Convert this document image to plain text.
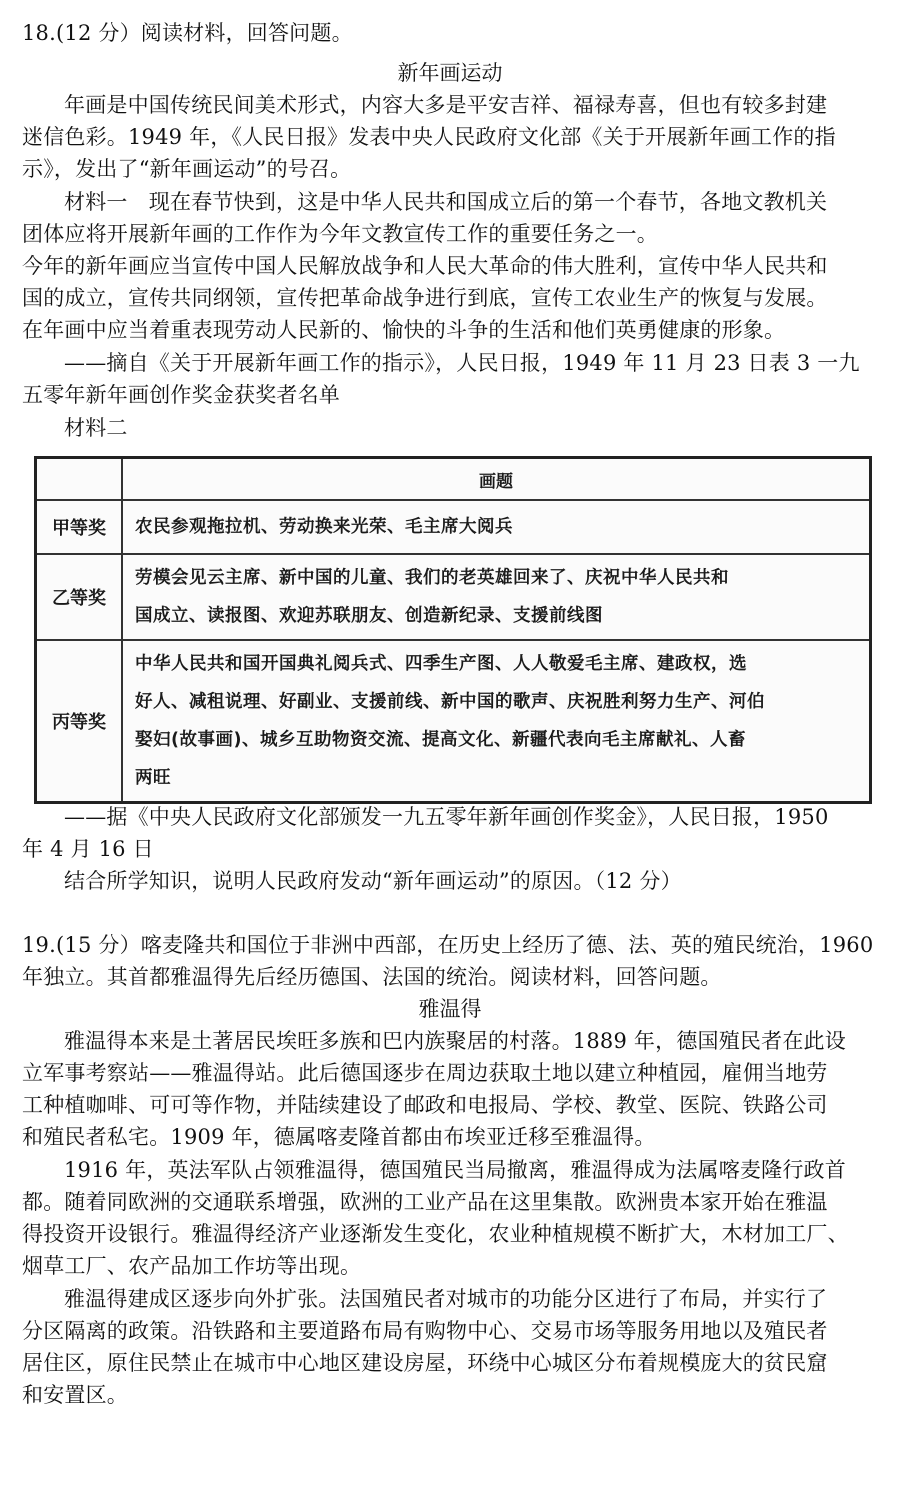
18.(12 分）阅读材料，回答问题。
新年画运动
年画是中国传统民间美术形式，内容大多是平安吉祥、福禄寿喜，但也有较多封建
迷信色彩。1949 年，《人民日报》发表中央人民政府文化部《关于开展新年画工作的指
示》，发出了“新年画运动”的号召。
材料一　现在春节快到，这是中华人民共和国成立后的第一个春节，各地文教机关
团体应将开展新年画的工作作为今年文教宣传工作的重要任务之一。
今年的新年画应当宣传中国人民解放战争和人民大革命的伟大胜利，宣传中华人民共和
国的成立，宣传共同纲领，宣传把革命战争进行到底，宣传工农业生产的恢复与发展。
在年画中应当着重表现劳动人民新的、愉快的斗争的生活和他们英勇健康的形象。
——摘自《关于开展新年画工作的指示》，人民日报，1949 年 11 月 23 日表 3 一九
五零年新年画创作奖金获奖者名单
材料二
	画题
甲等奖	农民参观拖拉机、劳动换来光荣、毛主席大阅兵

乙等奖	劳模会见云主席、新中国的儿童、我们的老英雄回来了、庆祝中华人民共和
国成立、读报图、欢迎苏联朋友、创造新纪录、支援前线图

丙等奖	中华人民共和国开国典礼阅兵式、四季生产图、人人敬爱毛主席、建政权，选
好人、减租说理、好副业、支援前线、新中国的歌声、庆祝胜利努力生产、河伯
娶妇(故事画)、城乡互助物资交流、提高文化、新疆代表向毛主席献礼、人畜
两旺
——据《中央人民政府文化部颁发一九五零年新年画创作奖金》，人民日报，1950
年 4 月 16 日
结合所学知识，说明人民政府发动“新年画运动”的原因。（12 分）
19.(15 分）喀麦隆共和国位于非洲中西部，在历史上经历了德、法、英的殖民统治，1960
年独立。其首都雅温得先后经历德国、法国的统治。阅读材料，回答问题。
雅温得
雅温得本来是土著居民埃旺多族和巴内族聚居的村落。1889 年，德国殖民者在此设
立军事考察站——雅温得站。此后德国逐步在周边获取土地以建立种植园，雇佣当地劳
工种植咖啡、可可等作物，并陆续建设了邮政和电报局、学校、教堂、医院、铁路公司
和殖民者私宅。1909 年，德属喀麦隆首都由布埃亚迁移至雅温得。
1916 年，英法军队占领雅温得，德国殖民当局撤离，雅温得成为法属喀麦隆行政首
都。随着同欧洲的交通联系增强，欧洲的工业产品在这里集散。欧洲贵本家开始在雅温
得投资开设银行。雅温得经济产业逐渐发生变化，农业种植规模不断扩大，木材加工厂、
烟草工厂、农产品加工作坊等出现。
雅温得建成区逐步向外扩张。法国殖民者对城市的功能分区进行了布局，并实行了
分区隔离的政策。沿铁路和主要道路布局有购物中心、交易市场等服务用地以及殖民者
居住区，原住民禁止在城市中心地区建设房屋，环绕中心城区分布着规模庞大的贫民窟
和安置区。
